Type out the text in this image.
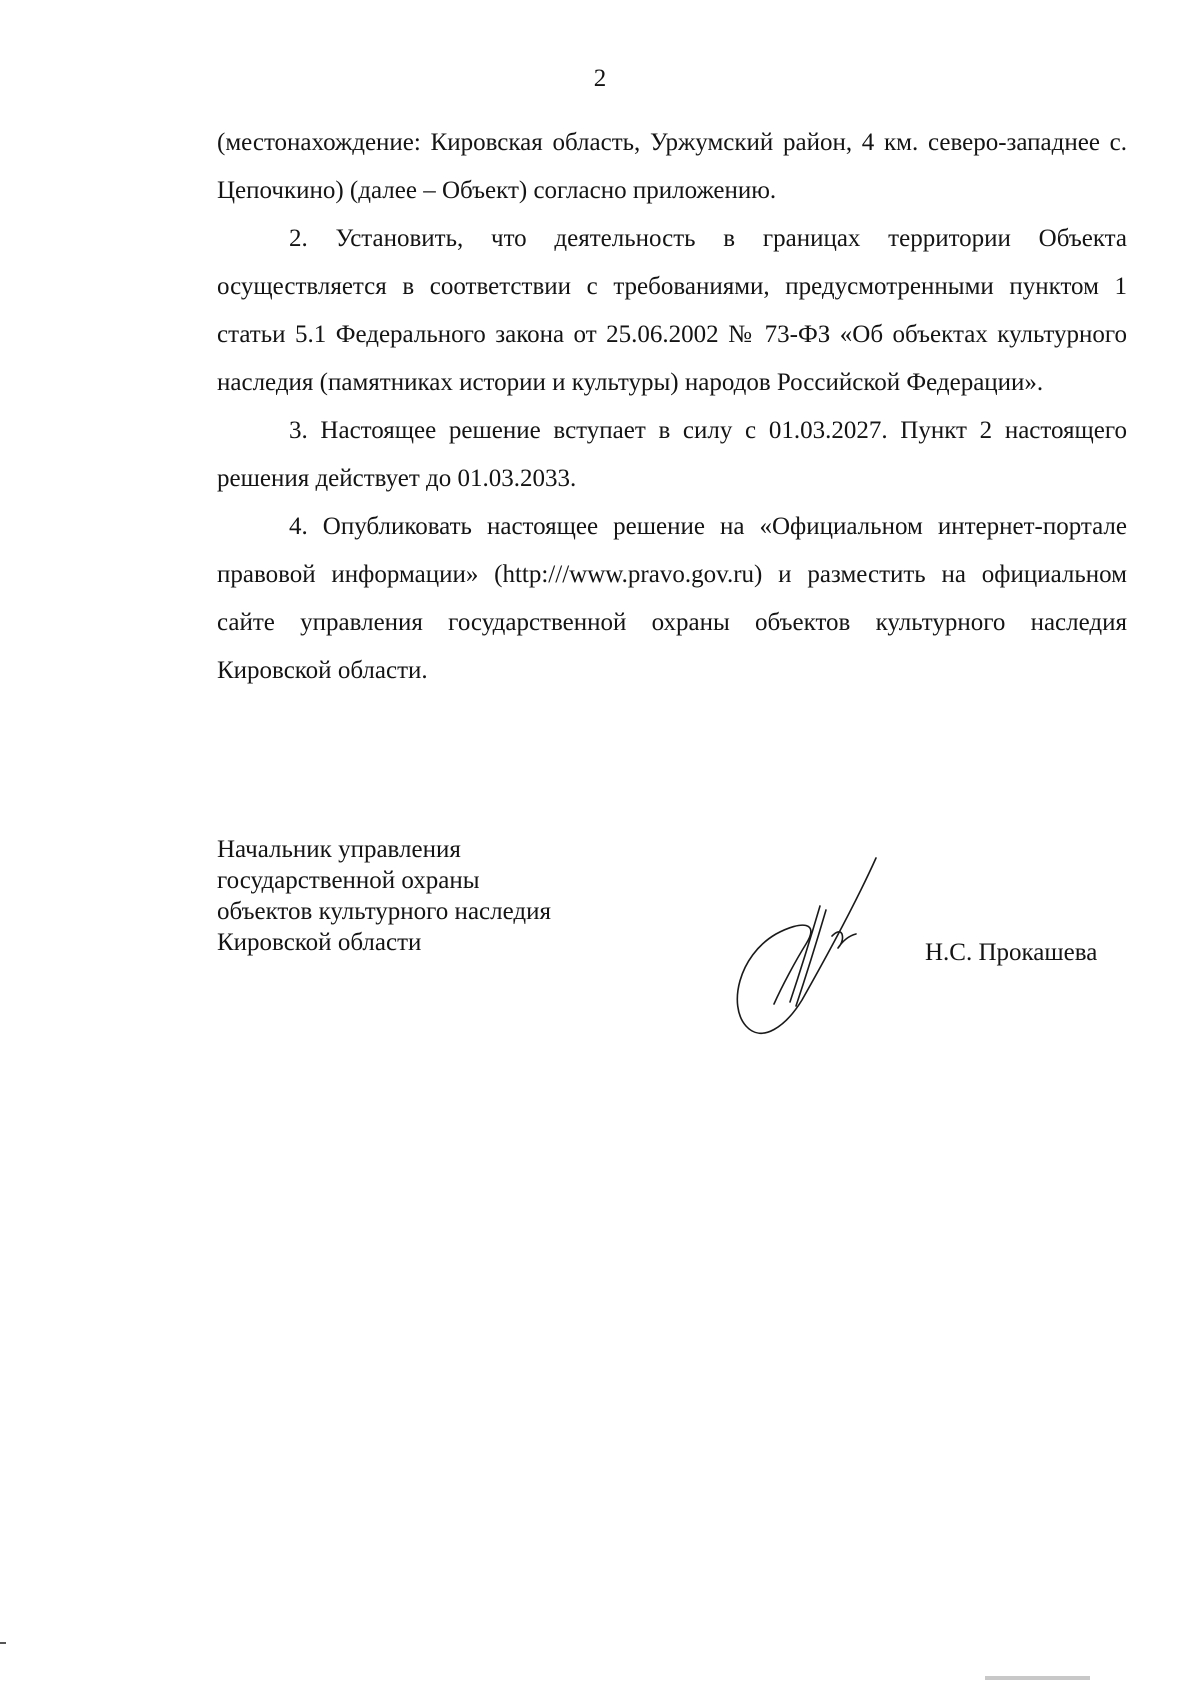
2

(местонахождение: Кировская область, Уржумский район, 4 км. северо-западнее с. Цепочкино) (далее – Объект) согласно приложению.

2. Установить, что деятельность в границах территории Объекта осуществляется в соответствии с требованиями, предусмотренными пунктом 1 статьи 5.1 Федерального закона от 25.06.2002 № 73-ФЗ «Об объектах культурного наследия (памятниках истории и культуры) народов Российской Федерации».

3. Настоящее решение вступает в силу с 01.03.2027. Пункт 2 настоящего решения действует до 01.03.2033.

4. Опубликовать настоящее решение на «Официальном интернет-портале правовой информации» (http:///www.pravo.gov.ru) и разместить на официальном сайте управления государственной охраны объектов культурного наследия Кировской области.

Начальник управления
государственной охраны
объектов культурного наследия
Кировской области	Н.С. Прокашева
